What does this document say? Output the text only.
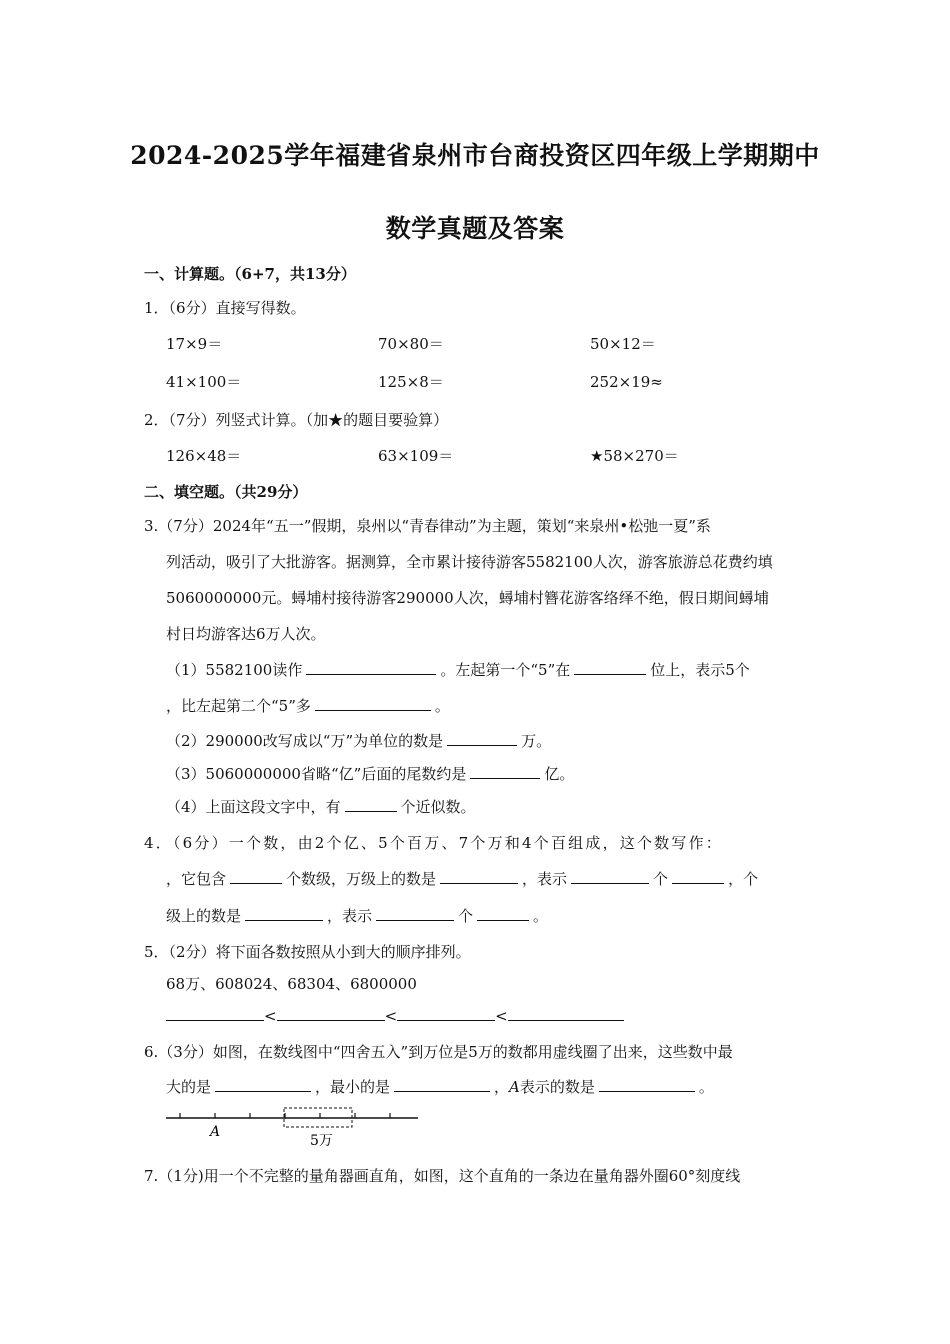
2024-2025学年福建省泉州市台商投资区四年级上学期期中
数学真题及答案
一、计算题。（6+7，共13分）
1．（6分）直接写得数。
17×9＝	70×80＝	50×12＝
41×100＝	125×8＝	252×19≈
2．（7分）列竖式计算。（加★的题目要验算）
126×48＝	63×109＝	★58×270＝
二、填空题。（共29分）
3.（7分）2024年“五一”假期，泉州以“青春律动”为主题，策划“来泉州•松弛一夏”系
列活动，吸引了大批游客。据测算，全市累计接待游客5582100人次，游客旅游总花费约填
5060000000元。蟳埔村接待游客290000人次，蟳埔村簪花游客络绎不绝，假日期间蟳埔
村日均游客达6万人次。
（1）5582100读作	。左起第一个“5”在	位上，表示5个
，比左起第二个“5”多	。
（2）290000改写成以“万”为单位的数是	万。
（3）5060000000省略“亿”后面的尾数约是	亿。
（4）上面这段文字中，有	个近似数。
4．（6分）一个数，由2个亿、5个百万、7个万和4个百组成，这个数写作：
，它包含	个数级，万级上的数是	，表示	个	，个
级上的数是	，表示	个	。
5．（2分）将下面各数按照从小到大的顺序排列。
68万、608024、68304、6800000
<	<	<
6.（3分）如图，在数线图中“四舍五入”到万位是5万的数都用虚线圈了出来，这些数中最
大的是	，最小的是	，A表示的数是	。
A
5万
7.（1分)用一个不完整的量角器画直角，如图，这个直角的一条边在量角器外圈60°刻度线
